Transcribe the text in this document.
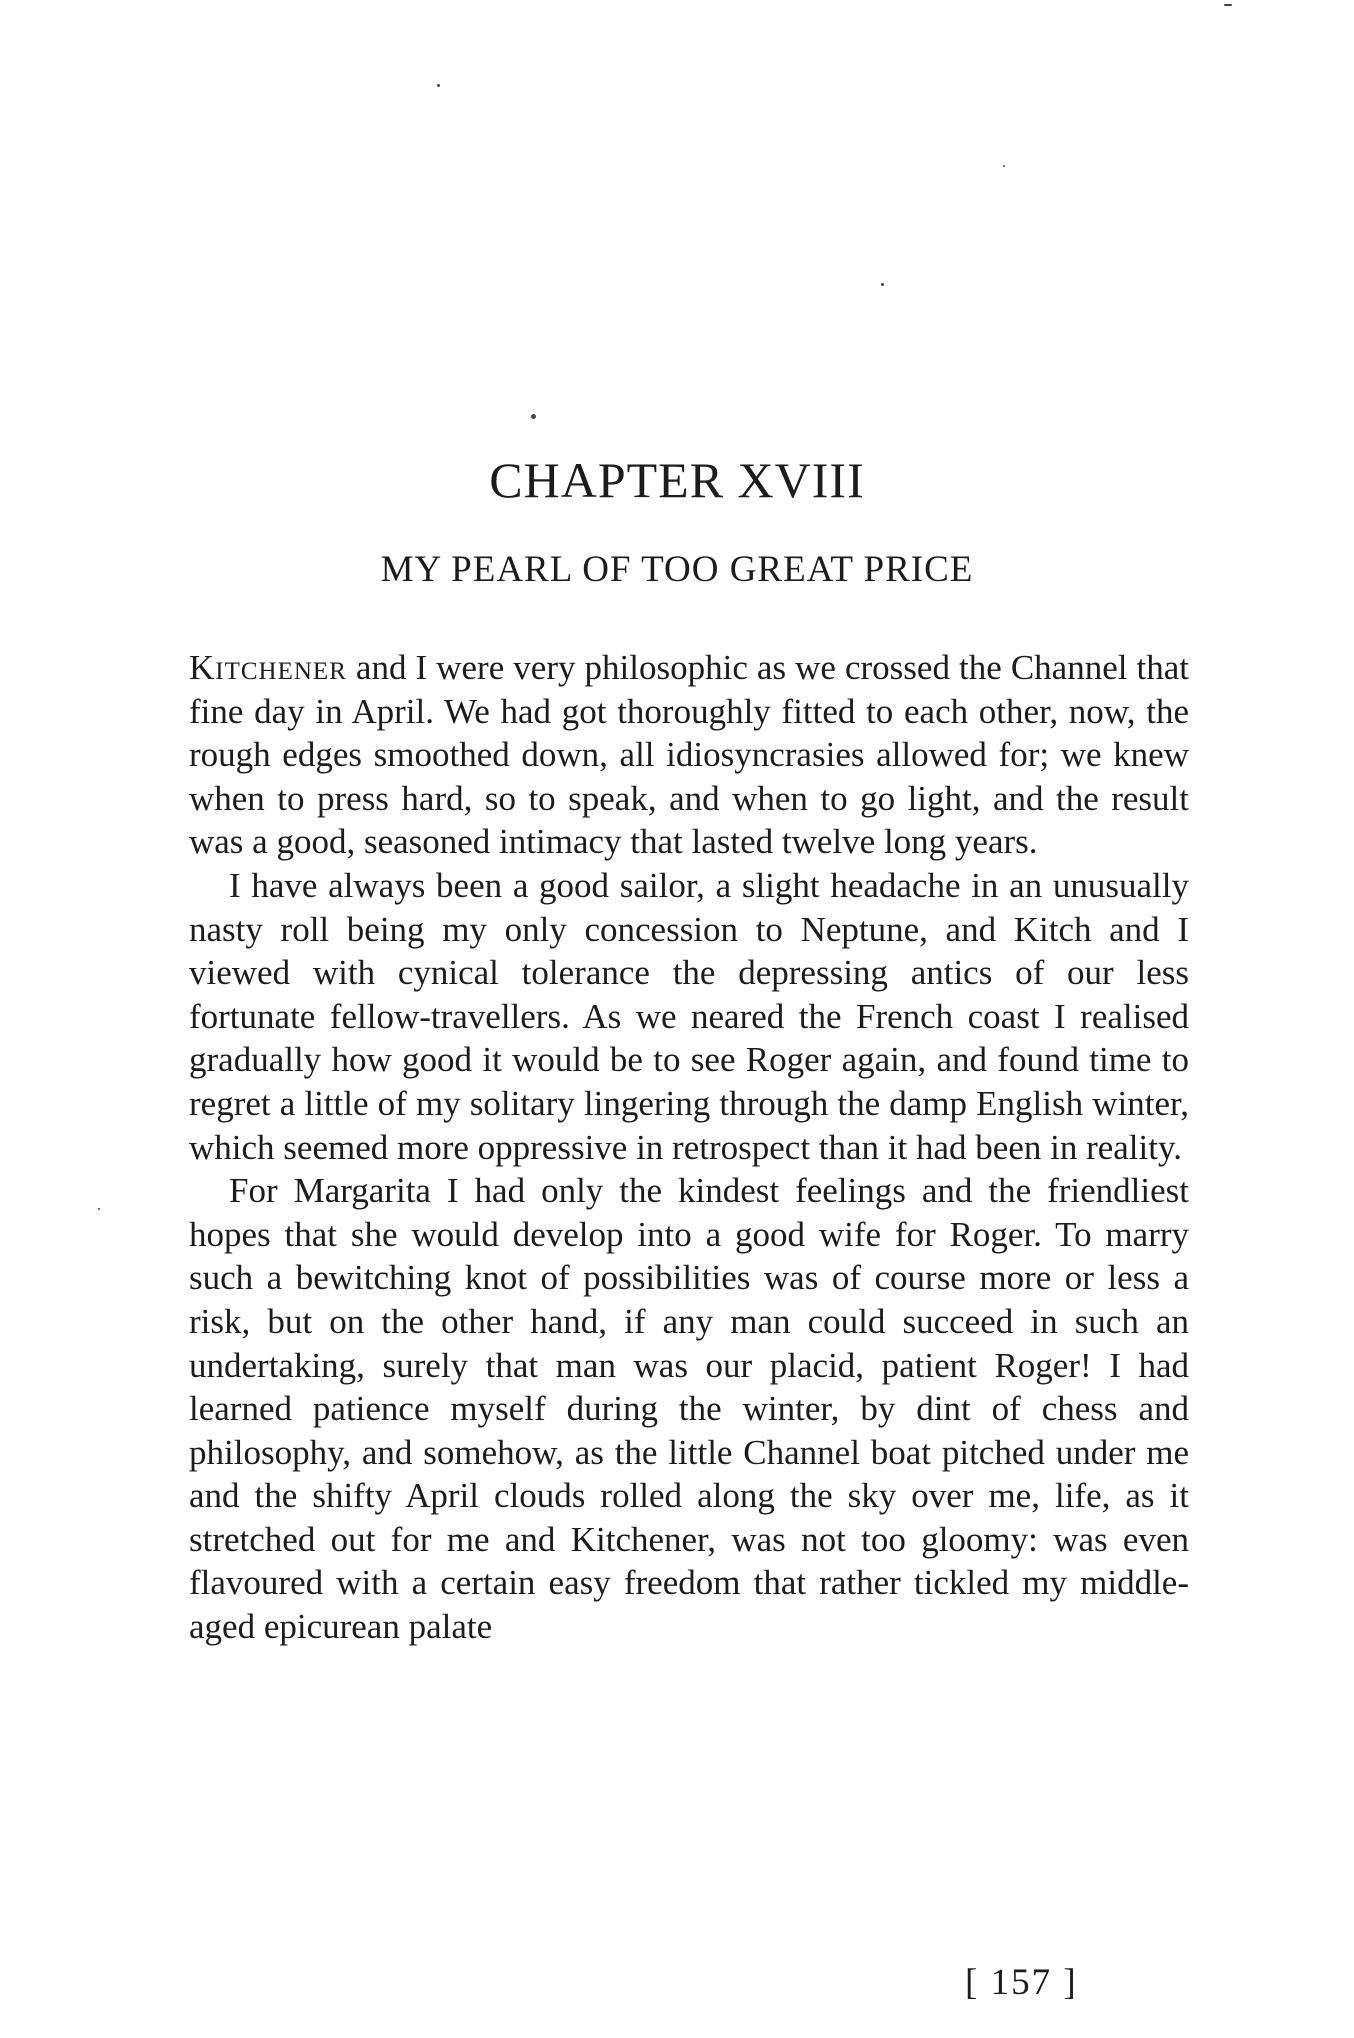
CHAPTER XVIII
MY PEARL OF TOO GREAT PRICE

Kitchener and I were very philosophic as we crossed the Channel that fine day in April. We had got thoroughly fitted to each other, now, the rough edges smoothed down, all idiosyncrasies allowed for; we knew when to press hard, so to speak, and when to go light, and the result was a good, seasoned intimacy that lasted twelve long years.

I have always been a good sailor, a slight headache in an unusually nasty roll being my only concession to Neptune, and Kitch and I viewed with cynical tolerance the depressing antics of our less fortunate fellow-travellers. As we neared the French coast I realised gradually how good it would be to see Roger again, and found time to regret a little of my solitary lingering through the damp English winter, which seemed more oppressive in retrospect than it had been in reality.

For Margarita I had only the kindest feelings and the friendliest hopes that she would develop into a good wife for Roger. To marry such a bewitching knot of possibilities was of course more or less a risk, but on the other hand, if any man could succeed in such an undertaking, surely that man was our placid, patient Roger! I had learned patience myself during the winter, by dint of chess and philosophy, and somehow, as the little Channel boat pitched under me and the shifty April clouds rolled along the sky over me, life, as it stretched out for me and Kitchener, was not too gloomy: was even flavoured with a certain easy freedom that rather tickled my middle-aged epicurean palate

[ 157 ]
